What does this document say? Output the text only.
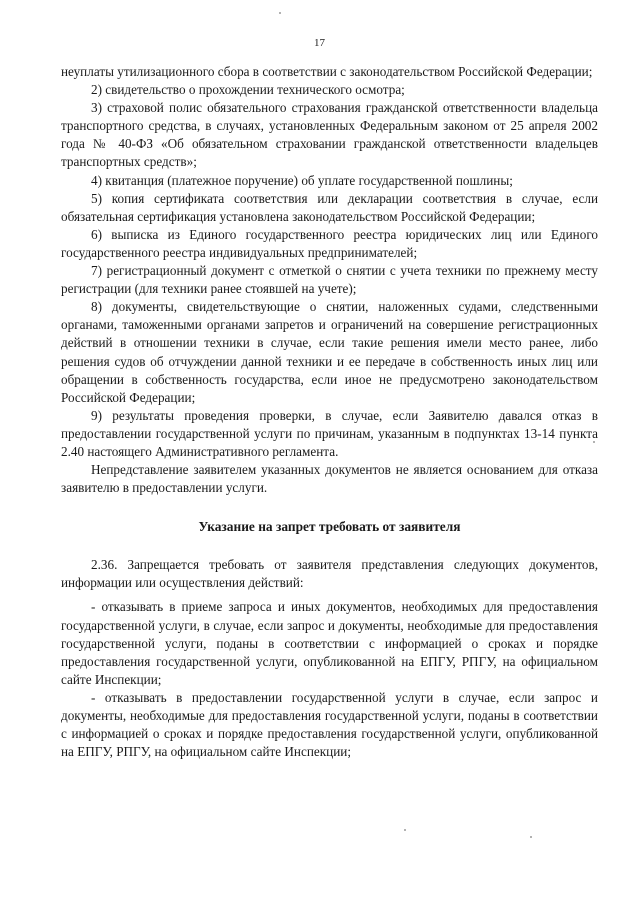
17

неуплаты утилизационного сбора в соответствии с законодательством Российской Федерации;

2) свидетельство о прохождении технического осмотра;

3) страховой полис обязательного страхования гражданской ответственности владельца транспортного средства, в случаях, установленных Федеральным законом от 25 апреля 2002 года № 40-ФЗ «Об обязательном страховании гражданской ответственности владельцев транспортных средств»;

4) квитанция (платежное поручение) об уплате государственной пошлины;

5) копия сертификата соответствия или декларации соответствия в случае, если обязательная сертификация установлена законодательством Российской Федерации;

6) выписка из Единого государственного реестра юридических лиц или Единого государственного реестра индивидуальных предпринимателей;

7) регистрационный документ с отметкой о снятии с учета техники по прежнему месту регистрации (для техники ранее стоявшей на учете);

8) документы, свидетельствующие о снятии, наложенных судами, следственными органами, таможенными органами запретов и ограничений на совершение регистрационных действий в отношении техники в случае, если такие решения имели место ранее, либо решения судов об отчуждении данной техники и ее передаче в собственность иных лиц или обращении в собственность государства, если иное не предусмотрено законодательством Российской Федерации;

9) результаты проведения проверки, в случае, если Заявителю давался отказ в предоставлении государственной услуги по причинам, указанным в подпунктах 13-14 пункта 2.40 настоящего Административного регламента.

Непредставление заявителем указанных документов не является основанием для отказа заявителю в предоставлении услуги.

Указание на запрет требовать от заявителя

2.36. Запрещается требовать от заявителя представления следующих документов, информации или осуществления действий:

- отказывать в приеме запроса и иных документов, необходимых для предоставления государственной услуги, в случае, если запрос и документы, необходимые для предоставления государственной услуги, поданы в соответствии с информацией о сроках и порядке предоставления государственной услуги, опубликованной на ЕПГУ, РПГУ, на официальном сайте Инспекции;

- отказывать в предоставлении государственной услуги в случае, если запрос и документы, необходимые для предоставления государственной услуги, поданы в соответствии с информацией о сроках и порядке предоставления государственной услуги, опубликованной на ЕПГУ, РПГУ, на официальном сайте Инспекции;
